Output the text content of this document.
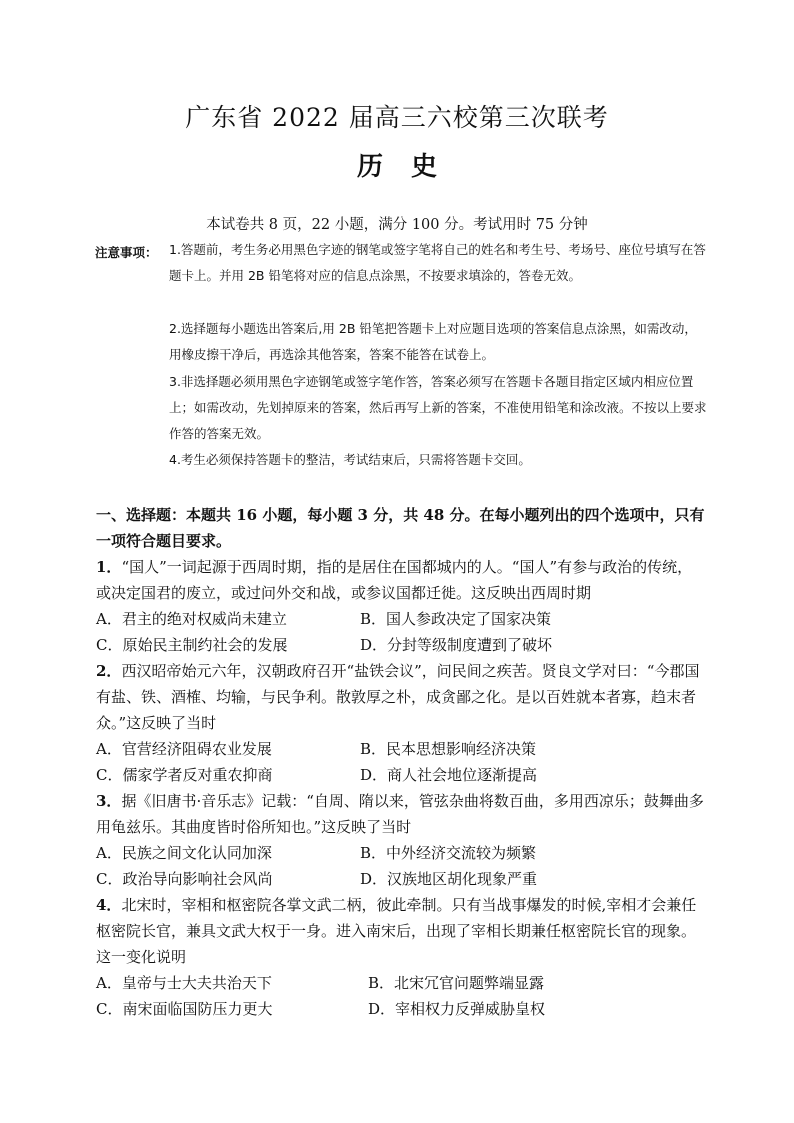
广东省 2022 届高三六校第三次联考
历 史
本试卷共 8 页，22 小题，满分 100 分。考试用时 75 分钟
注意事项： 1.答题前，考生务必用黑色字迹的钢笔或签字笔将自己的姓名和考生号、考场号、座位号填写在答题卡上。并用 2B 铅笔将对应的信息点涂黑，不按要求填涂的，答卷无效。
2.选择题每小题选出答案后,用 2B 铅笔把答题卡上对应题目选项的答案信息点涂黑，如需改动，用橡皮擦干净后，再选涂其他答案，答案不能答在试卷上。
3.非选择题必须用黑色字迹钢笔或签字笔作答，答案必须写在答题卡各题目指定区域内相应位置上；如需改动，先划掉原来的答案，然后再写上新的答案，不准使用铅笔和涂改液。不按以上要求作答的答案无效。
4.考生必须保持答题卡的整洁，考试结束后，只需将答题卡交回。
一、选择题：本题共 16 小题，每小题 3 分，共 48 分。在每小题列出的四个选项中，只有一项符合题目要求。
1．“国人”一词起源于西周时期，指的是居住在国都城内的人。“国人”有参与政治的传统，或决定国君的废立，或过问外交和战，或参议国都迁徙。这反映出西周时期
A．君主的绝对权威尚未建立	B．国人参政决定了国家决策
C．原始民主制约社会的发展	D．分封等级制度遭到了破坏
2．西汉昭帝始元六年，汉朝政府召开“盐铁会议”，问民间之疾苦。贤良文学对曰：“今郡国有盐、铁、酒榷、均输，与民争利。散敦厚之朴，成贪鄙之化。是以百姓就本者寡，趋末者众。”这反映了当时
A．官营经济阻碍农业发展	B．民本思想影响经济决策
C．儒家学者反对重农抑商	D．商人社会地位逐渐提高
3．据《旧唐书·音乐志》记载：“自周、隋以来，管弦杂曲将数百曲，多用西凉乐；鼓舞曲多用龟兹乐。其曲度皆时俗所知也。”这反映了当时
A．民族之间文化认同加深	B．中外经济交流较为频繁
C．政治导向影响社会风尚	D．汉族地区胡化现象严重
4．北宋时，宰相和枢密院各掌文武二柄，彼此牵制。只有当战事爆发的时候,宰相才会兼任枢密院长官，兼具文武大权于一身。进入南宋后，出现了宰相长期兼任枢密院长官的现象。这一变化说明
A．皇帝与士大夫共治天下	B．北宋冗官问题弊端显露
C．南宋面临国防压力更大	D．宰相权力反弹威胁皇权
